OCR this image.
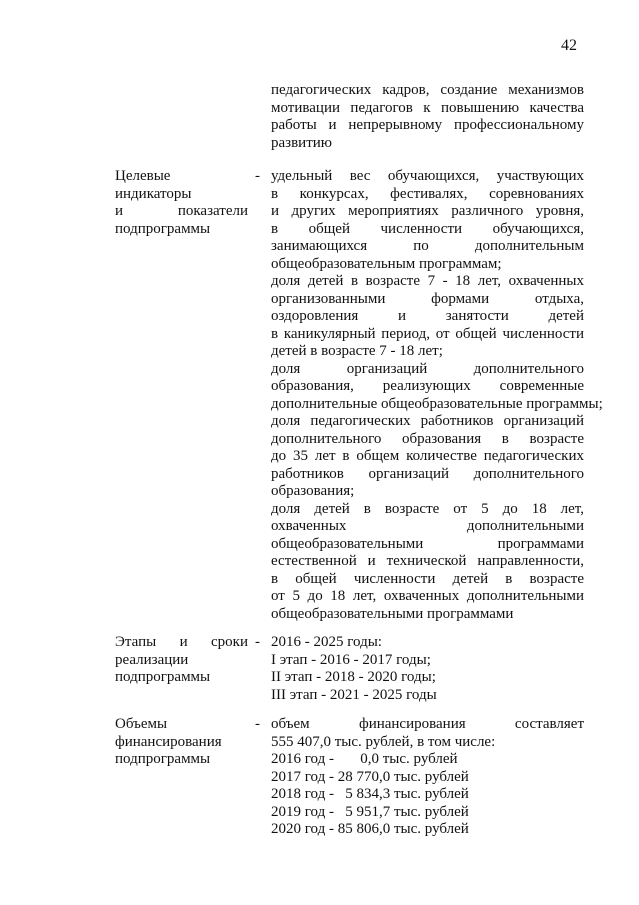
42
педагогических кадров, создание механизмов
мотивации педагогов к повышению качества
работы и непрерывному профессиональному
развитию
Целевые
индикаторы
и показатели
подпрограммы
- удельный вес обучающихся, участвующих
в конкурсах, фестивалях, соревнованиях
и других мероприятиях различного уровня,
в общей численности обучающихся,
занимающихся по дополнительным
общеобразовательным программам;
доля детей в возрасте 7 - 18 лет, охваченных
организованными формами отдыха,
оздоровления и занятости детей
в каникулярный период, от общей численности
детей в возрасте 7 - 18 лет;
доля организаций дополнительного
образования, реализующих современные
дополнительные общеобразовательные программы;
доля педагогических работников организаций
дополнительного образования в возрасте
до 35 лет в общем количестве педагогических
работников организаций дополнительного
образования;
доля детей в возрасте от 5 до 18 лет,
охваченных дополнительными
общеобразовательными программами
естественной и технической направленности,
в общей численности детей в возрасте
от 5 до 18 лет, охваченных дополнительными
общеобразовательными программами
Этапы и сроки
реализации
подпрограммы
- 2016 - 2025 годы:
I этап - 2016 - 2017 годы;
II этап - 2018 - 2020 годы;
III этап - 2021 - 2025 годы
Объемы
финансирования
подпрограммы
- объем финансирования составляет
555 407,0 тыс. рублей, в том числе:
2016 год -       0,0 тыс. рублей
2017 год - 28 770,0 тыс. рублей
2018 год -   5 834,3 тыс. рублей
2019 год -   5 951,7 тыс. рублей
2020 год - 85 806,0 тыс. рублей
